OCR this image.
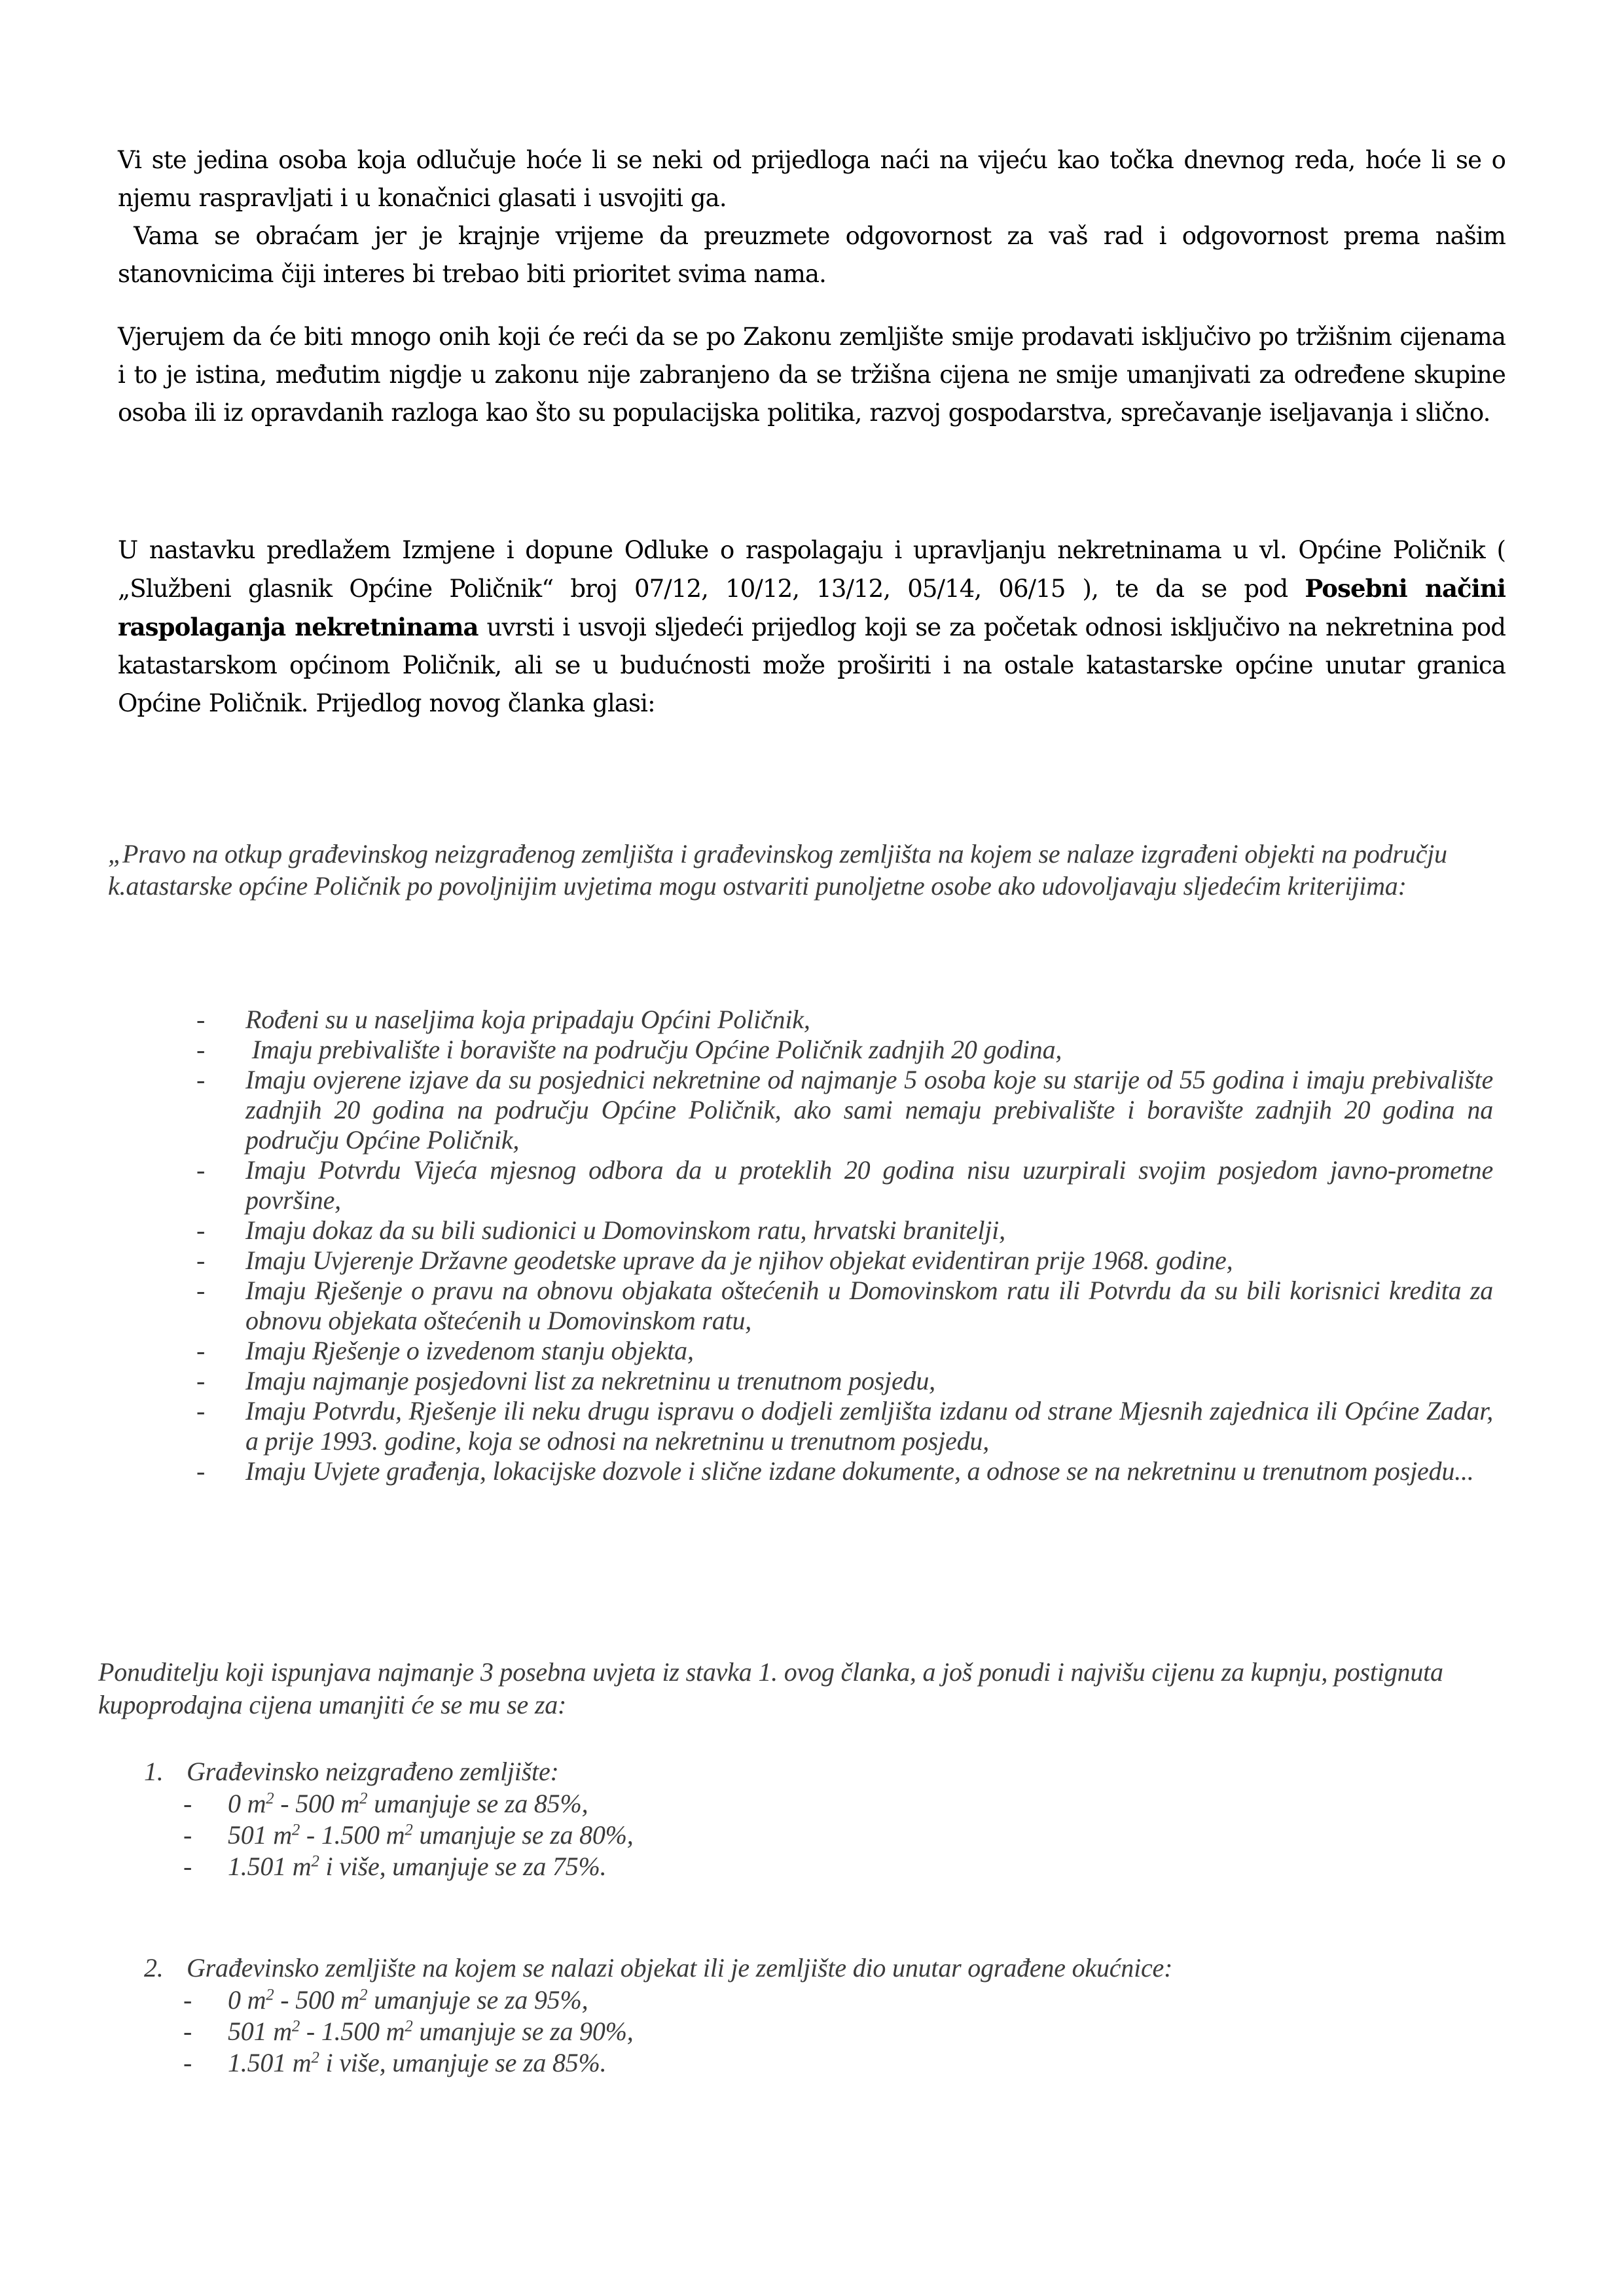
Vi ste jedina osoba koja odlučuje hoće li se neki od prijedloga naći na vijeću kao točka dnevnog reda, hoće li se o njemu raspravljati i u konačnici glasati i usvojiti ga.

Vama se obraćam jer je krajnje vrijeme da preuzmete odgovornost za vaš rad i odgovornost prema našim stanovnicima čiji interes bi trebao biti prioritet svima nama.

Vjerujem da će biti mnogo onih koji će reći da se po Zakonu zemljište smije prodavati isključivo po tržišnim cijenama i to je istina, međutim nigdje u zakonu nije zabranjeno da se tržišna cijena ne smije umanjivati za određene skupine osoba ili iz opravdanih razloga kao što su populacijska politika, razvoj gospodarstva, sprečavanje iseljavanja i slično.

U nastavku predlažem Izmjene i dopune Odluke o raspolagaju i upravljanju nekretninama u vl. Općine Poličnik ( „Službeni glasnik Općine Poličnik“ broj 07/12, 10/12, 13/12, 05/14, 06/15 ), te da se pod Posebni načini raspolaganja nekretninama uvrsti i usvoji sljedeći prijedlog koji se za početak odnosi isključivo na nekretnina pod katastarskom općinom Poličnik, ali se u budućnosti može proširiti i na ostale katastarske općine unutar granica Općine Poličnik. Prijedlog novog članka glasi:

„Pravo na otkup građevinskog neizgrađenog zemljišta i građevinskog zemljišta na kojem se nalaze izgrađeni objekti na području k.atastarske općine Poličnik po povoljnijim uvjetima mogu ostvariti punoljetne osobe ako udovoljavaju sljedećim kriterijima:
- Rođeni su u naseljima koja pripadaju Općini Poličnik,
- Imaju prebivalište i boravište na području Općine Poličnik zadnjih 20 godina,
- Imaju ovjerene izjave da su posjednici nekretnine od najmanje 5 osoba koje su starije od 55 godina i imaju prebivalište zadnjih 20 godina na području Općine Poličnik, ako sami nemaju prebivalište i boravište zadnjih 20 godina na području Općine Poličnik,
- Imaju Potvrdu Vijeća mjesnog odbora da u proteklih 20 godina nisu uzurpirali svojim posjedom javno-prometne površine,
- Imaju dokaz da su bili sudionici u Domovinskom ratu, hrvatski branitelji,
- Imaju Uvjerenje Državne geodetske uprave da je njihov objekat evidentiran prije 1968. godine,
- Imaju Rješenje o pravu na obnovu objakata oštećenih u Domovinskom ratu ili Potvrdu da su bili korisnici kredita za obnovu objekata oštećenih u Domovinskom ratu,
- Imaju Rješenje o izvedenom stanju objekta,
- Imaju najmanje posjedovni list za nekretninu u trenutnom posjedu,
- Imaju Potvrdu, Rješenje ili neku drugu ispravu o dodjeli zemljišta izdanu od strane Mjesnih zajednica ili Općine Zadar, a prije 1993. godine, koja se odnosi na nekretninu u trenutnom posjedu,
- Imaju Uvjete građenja, lokacijske dozvole i slične izdane dokumente, a odnose se na nekretninu u trenutnom posjedu...
Ponuditelju koji ispunjava najmanje 3 posebna uvjeta iz stavka 1. ovog članka, a još ponudi i najvišu cijenu za kupnju, postignuta kupoprodajna cijena umanjiti će se mu se za:
1. Građevinsko neizgrađeno zemljište:
- 0 $m^2 - 500$ $m^2$ umanjuje se za 85%,
- 501 $m^2 - 1.500$ $m^2$ umanjuje se za 80%,
- 1.501 $m^2$ i više, umanjuje se za 75%.
2. Građevinsko zemljište na kojem se nalazi objekat ili je zemljište dio unutar ograđene okućnice:
- 0 $m^2 - 500$ $m^2$ umanjuje se za 95%,
- 501 $m^2 - 1.500$ $m^2$ umanjuje se za 90%,
- 1.501 $m^2$ i više, umanjuje se za 85%.
